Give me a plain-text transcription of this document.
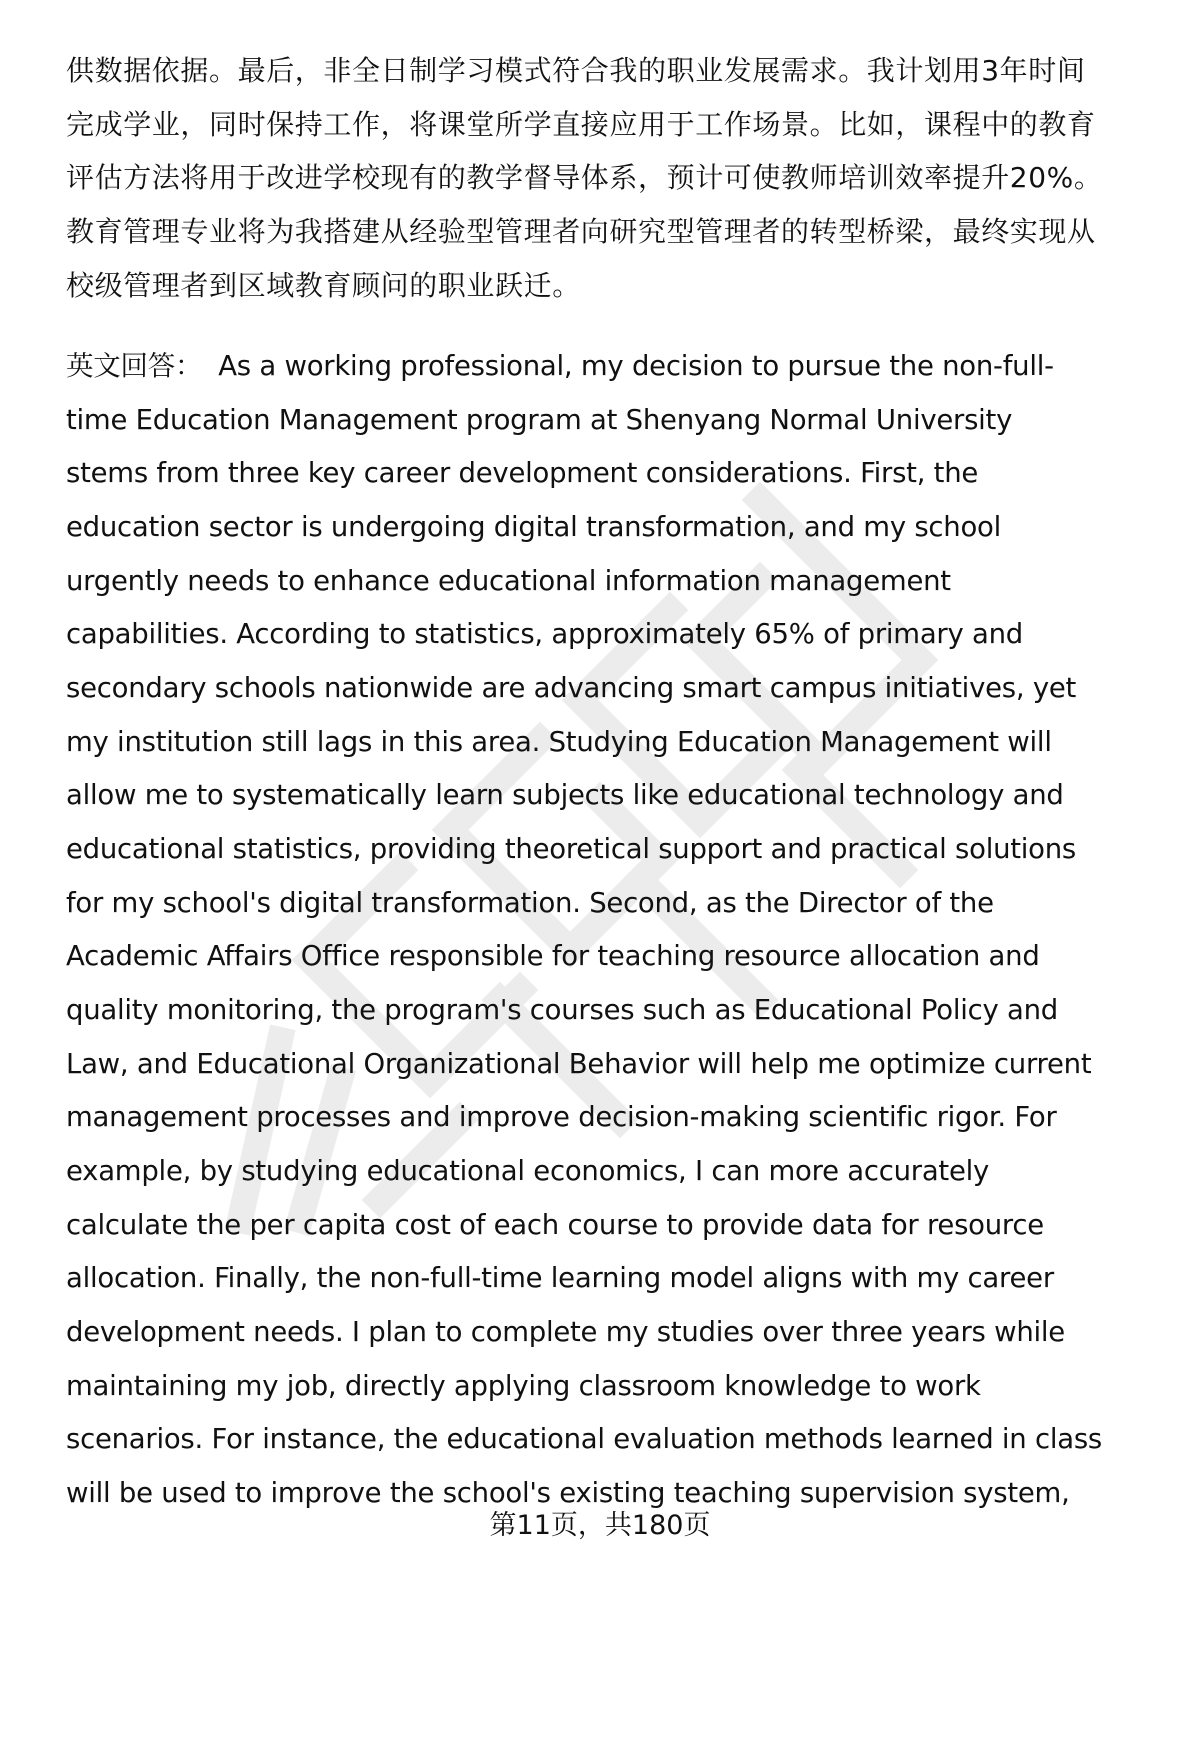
供数据依据。最后，非全日制学习模式符合我的职业发展需求。我计划用3年时间
完成学业，同时保持工作，将课堂所学直接应用于工作场景。比如，课程中的教育
评估方法将用于改进学校现有的教学督导体系，预计可使教师培训效率提升20%。
教育管理专业将为我搭建从经验型管理者向研究型管理者的转型桥梁，最终实现从
校级管理者到区域教育顾问的职业跃迁。
英文回答： As a working professional, my decision to pursue the non-full-
time Education Management program at Shenyang Normal University
stems from three key career development considerations. First, the
education sector is undergoing digital transformation, and my school
urgently needs to enhance educational information management
capabilities. According to statistics, approximately 65% of primary and
secondary schools nationwide are advancing smart campus initiatives, yet
my institution still lags in this area. Studying Education Management will
allow me to systematically learn subjects like educational technology and
educational statistics, providing theoretical support and practical solutions
for my school's digital transformation. Second, as the Director of the
Academic Affairs Office responsible for teaching resource allocation and
quality monitoring, the program's courses such as Educational Policy and
Law, and Educational Organizational Behavior will help me optimize current
management processes and improve decision-making scientific rigor. For
example, by studying educational economics, I can more accurately
calculate the per capita cost of each course to provide data for resource
allocation. Finally, the non-full-time learning model aligns with my career
development needs. I plan to complete my studies over three years while
maintaining my job, directly applying classroom knowledge to work
scenarios. For instance, the educational evaluation methods learned in class
will be used to improve the school's existing teaching supervision system,
第11页，共180页
